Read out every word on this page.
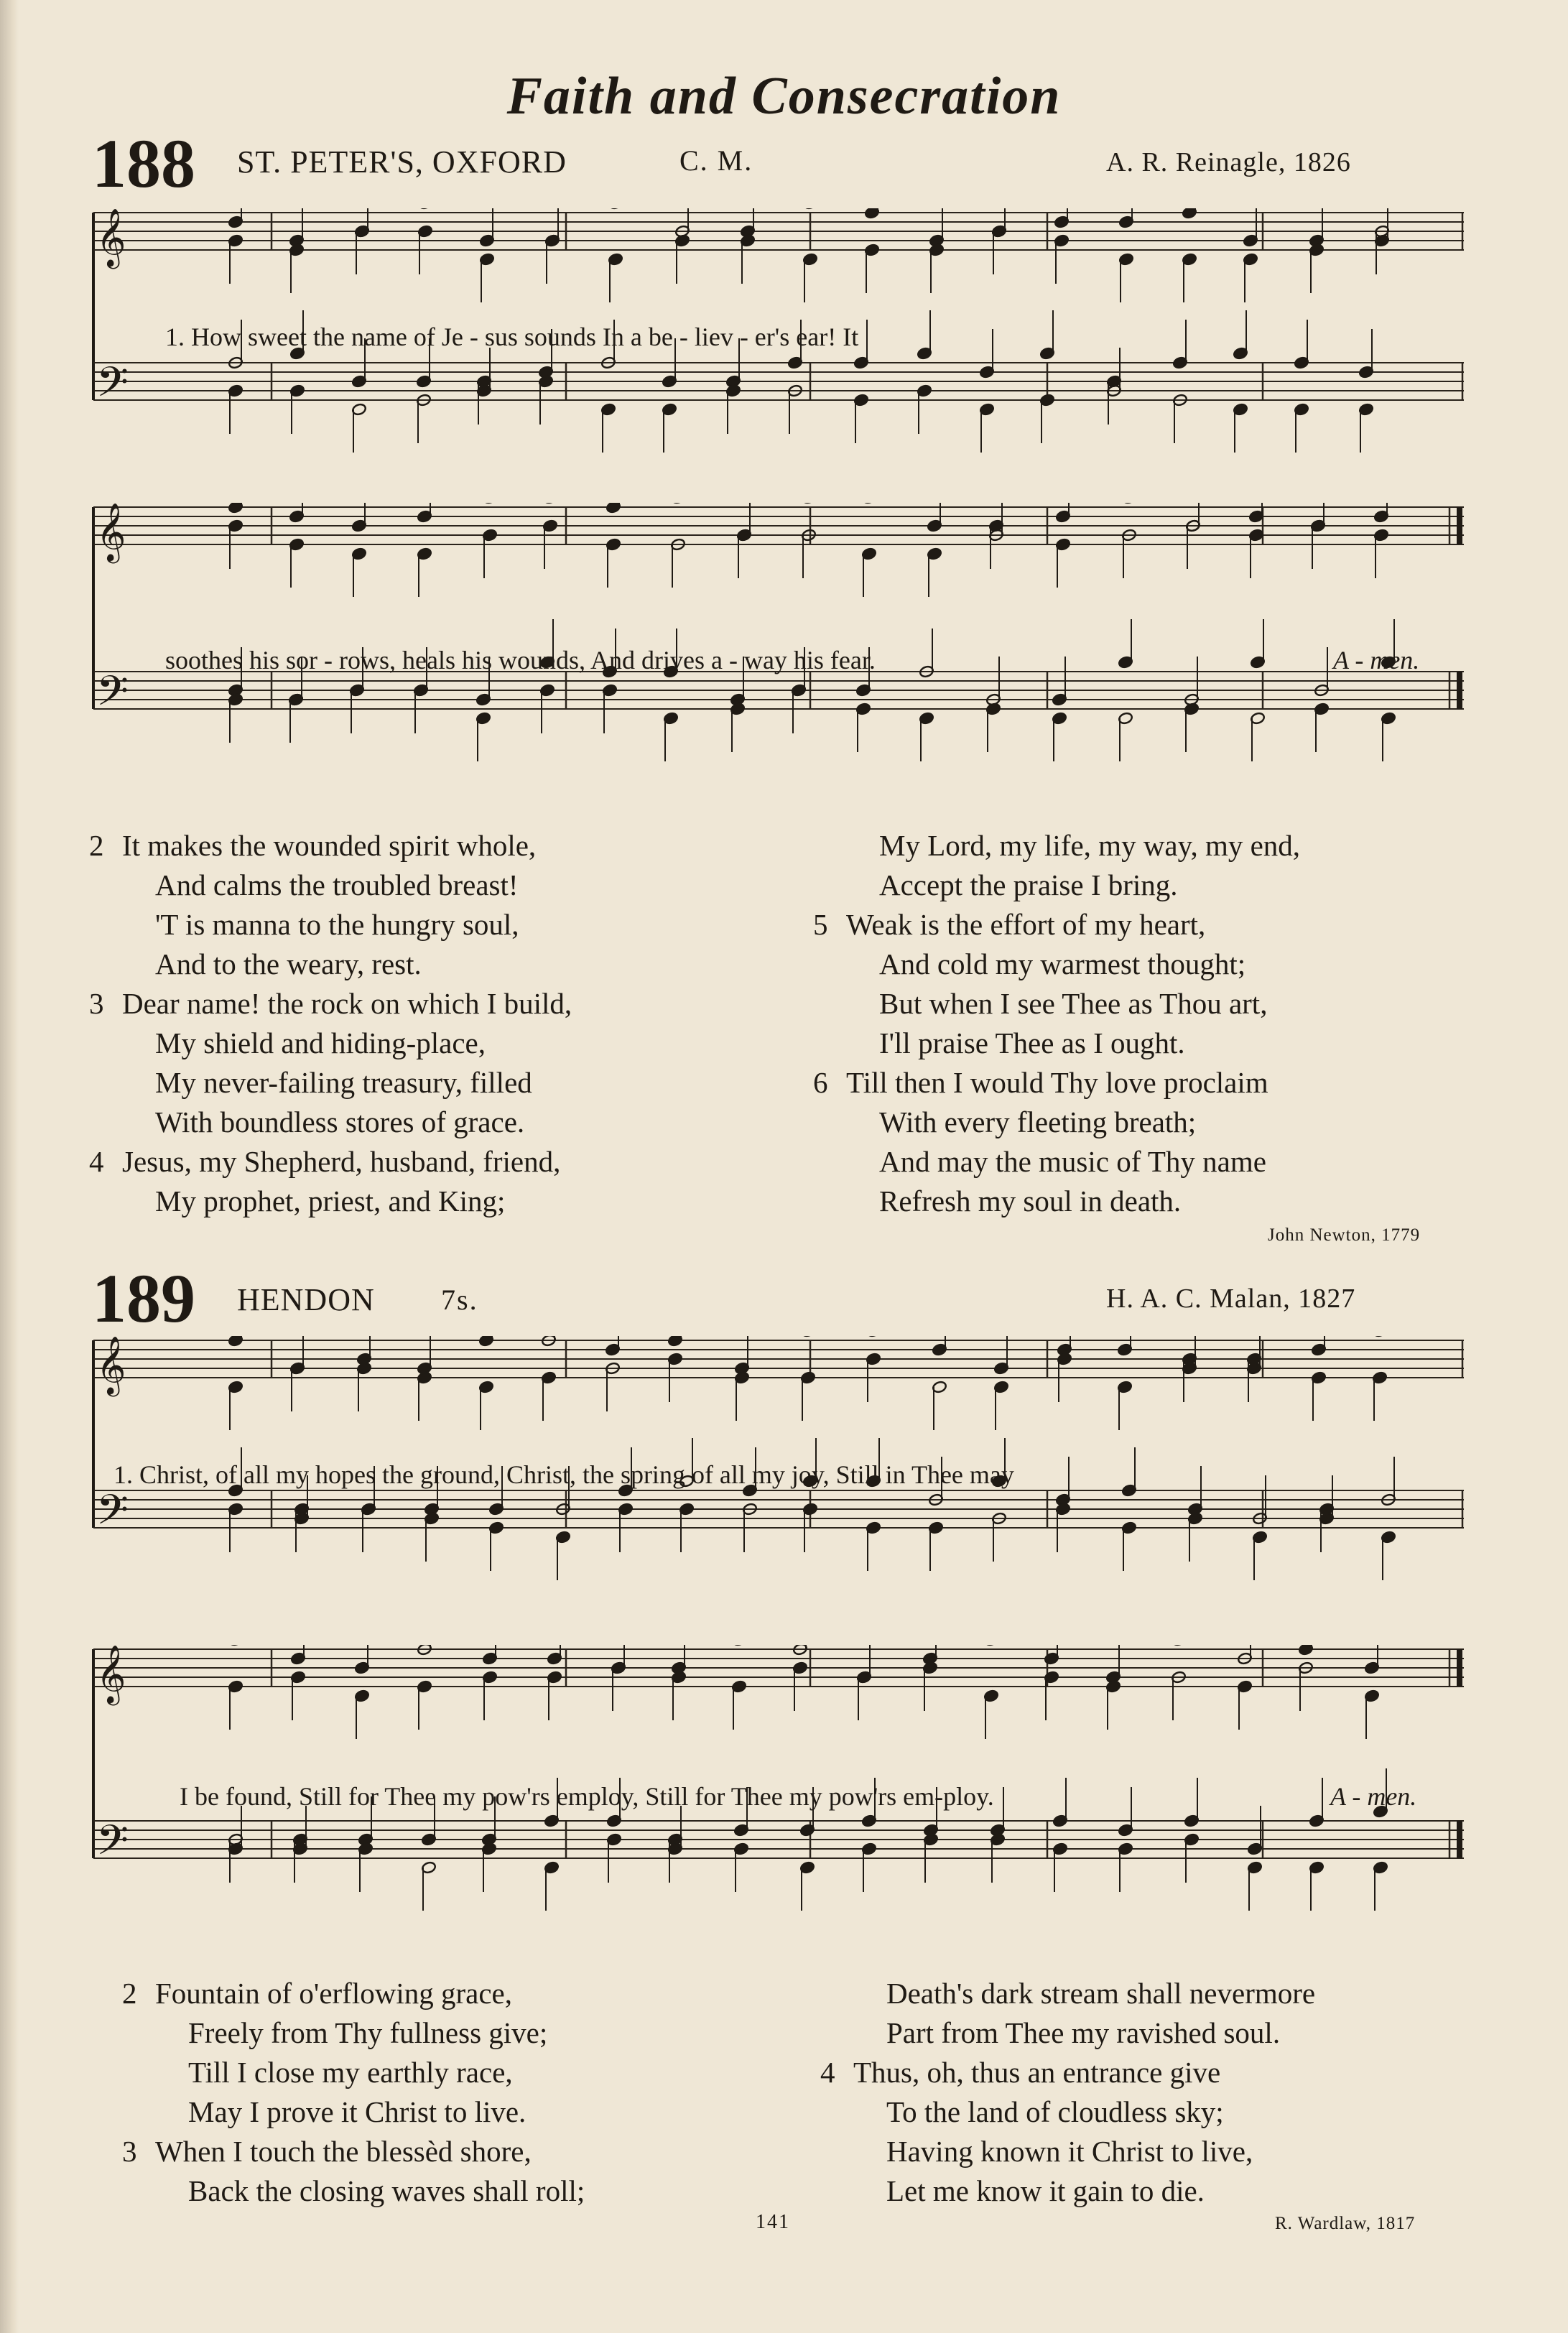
Faith and Consecration
188 ST. PETER'S, OXFORD	C. M.	A. R. Reinagle, 1826
𝄞
𝄢
1. How sweet the name of Je - sus sounds In a be - liev - er's ear! It
𝄞
𝄢
soothes his sor - rows, heals his wounds, And drives a - way his fear.	A - men.
2 It makes the wounded spirit whole,
And calms the troubled breast!
'T is manna to the hungry soul,
And to the weary, rest.
3 Dear name! the rock on which I build,
My shield and hiding-place,
My never-failing treasury, filled
With boundless stores of grace.
4 Jesus, my Shepherd, husband, friend,
My prophet, priest, and King;
My Lord, my life, my way, my end,
Accept the praise I bring.
5 Weak is the effort of my heart,
And cold my warmest thought;
But when I see Thee as Thou art,
I'll praise Thee as I ought.
6 Till then I would Thy love proclaim
With every fleeting breath;
And may the music of Thy name
Refresh my soul in death.
John Newton, 1779
189 HENDON 7s.	H. A. C. Malan, 1827
𝄞
𝄢
1. Christ, of all my hopes the ground, Christ, the spring of all my joy, Still in Thee may
𝄞
𝄢
I be found, Still for Thee my pow'rs employ, Still for Thee my pow'rs em-ploy.	A - men.
2 Fountain of o'erflowing grace,
Freely from Thy fullness give;
Till I close my earthly race,
May I prove it Christ to live.
3 When I touch the blessèd shore,
Back the closing waves shall roll;
Death's dark stream shall nevermore
Part from Thee my ravished soul.
4 Thus, oh, thus an entrance give
To the land of cloudless sky;
Having known it Christ to live,
Let me know it gain to die.
R. Wardlaw, 1817
141
